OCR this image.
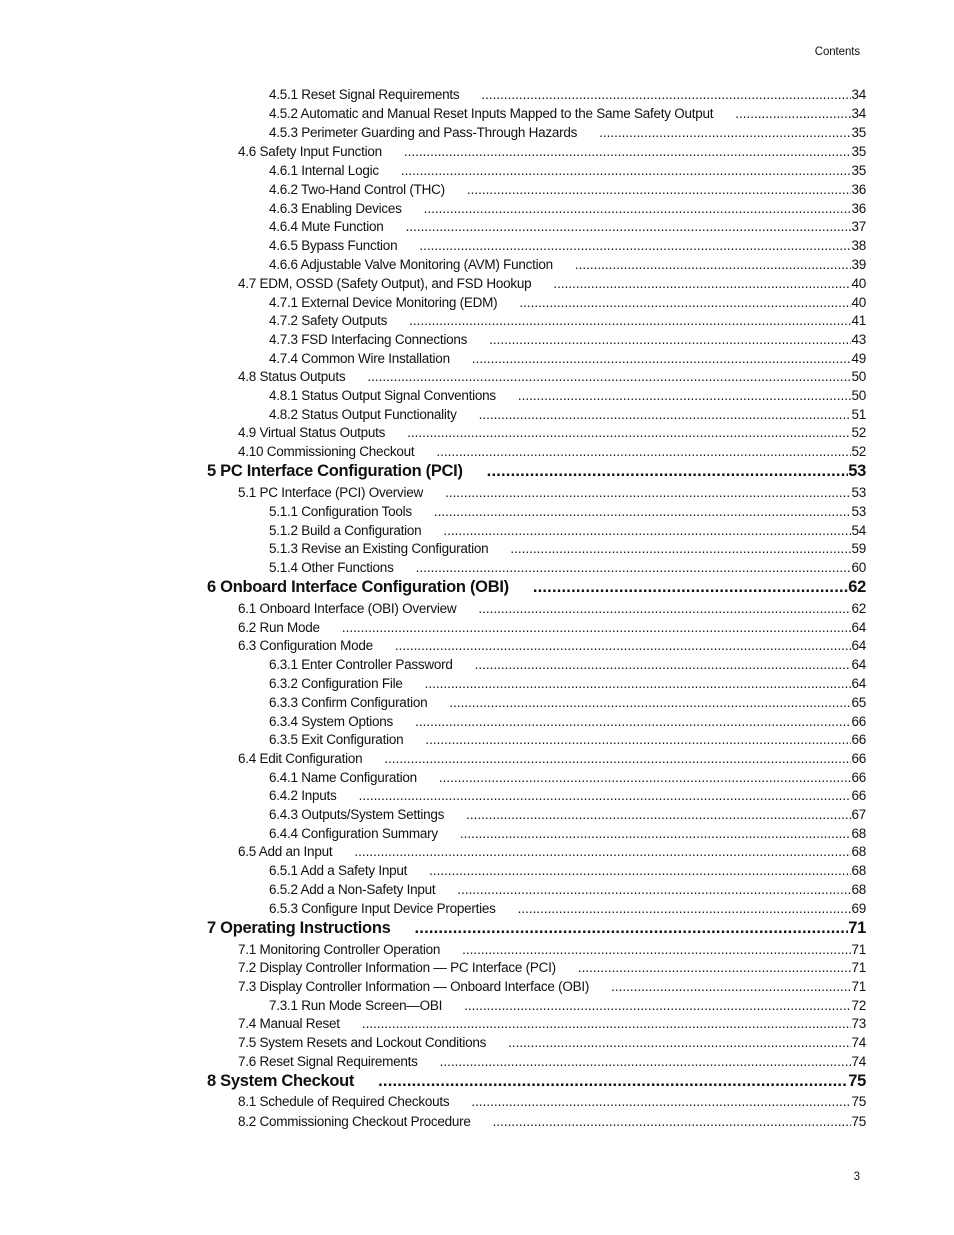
Contents
4.5.1 Reset Signal Requirements .....	34
4.5.2 Automatic and Manual Reset Inputs Mapped to the Same Safety Output .....	34
4.5.3 Perimeter Guarding and Pass-Through Hazards .....	35
4.6 Safety Input Function .....	35
4.6.1 Internal Logic .....	35
4.6.2 Two-Hand Control (THC) .....	36
4.6.3 Enabling Devices .....	36
4.6.4 Mute Function .....	37
4.6.5 Bypass Function .....	38
4.6.6 Adjustable Valve Monitoring (AVM) Function .....	39
4.7 EDM, OSSD (Safety Output), and FSD Hookup .....	40
4.7.1 External Device Monitoring (EDM) .....	40
4.7.2 Safety Outputs .....	41
4.7.3 FSD Interfacing Connections .....	43
4.7.4 Common Wire Installation .....	49
4.8 Status Outputs .....	50
4.8.1 Status Output Signal Conventions .....	50
4.8.2 Status Output Functionality .....	51
4.9 Virtual Status Outputs .....	52
4.10 Commissioning Checkout .....	52
5 PC Interface Configuration (PCI) .....	53
5.1 PC Interface (PCI) Overview .....	53
5.1.1 Configuration Tools .....	53
5.1.2 Build a Configuration .....	54
5.1.3 Revise an Existing Configuration .....	59
5.1.4 Other Functions .....	60
6 Onboard Interface Configuration (OBI) .....	62
6.1 Onboard Interface (OBI) Overview .....	62
6.2 Run Mode .....	64
6.3 Configuration Mode .....	64
6.3.1 Enter Controller Password .....	64
6.3.2 Configuration File .....	64
6.3.3 Confirm Configuration .....	65
6.3.4 System Options .....	66
6.3.5 Exit Configuration .....	66
6.4 Edit Configuration .....	66
6.4.1 Name Configuration .....	66
6.4.2 Inputs .....	66
6.4.3 Outputs/System Settings .....	67
6.4.4 Configuration Summary .....	68
6.5 Add an Input .....	68
6.5.1 Add a Safety Input .....	68
6.5.2 Add a Non-Safety Input .....	68
6.5.3 Configure Input Device Properties .....	69
7 Operating Instructions .....	71
7.1 Monitoring Controller Operation .....	71
7.2 Display Controller Information — PC Interface (PCI) .....	71
7.3 Display Controller Information — Onboard Interface (OBI) .....	71
7.3.1 Run Mode Screen—OBI .....	72
7.4 Manual Reset .....	73
7.5 System Resets and Lockout Conditions .....	74
7.6 Reset Signal Requirements .....	74
8 System Checkout .....	75
8.1 Schedule of Required Checkouts .....	75
8.2 Commissioning Checkout Procedure .....	75
3
